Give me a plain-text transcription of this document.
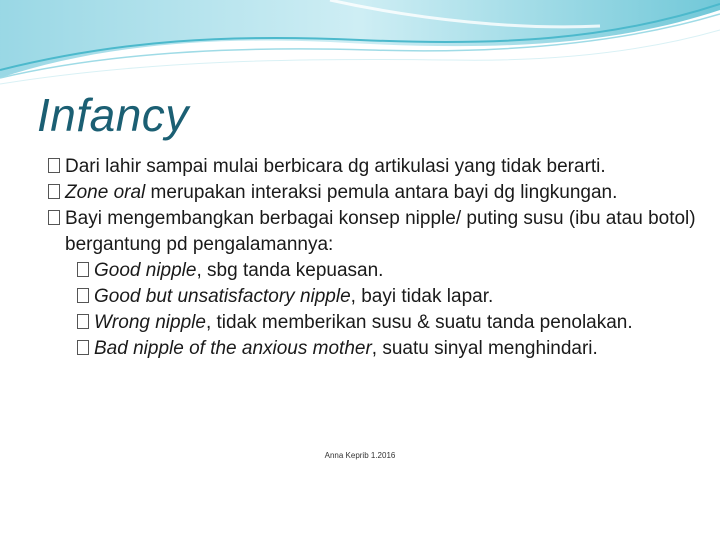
Infancy

Dari lahir sampai mulai berbicara dg artikulasi yang tidak berarti.

Zone oral merupakan interaksi pemula antara bayi dg lingkungan.

Bayi mengembangkan berbagai konsep nipple/ puting susu (ibu atau botol) bergantung pd pengalamannya:

Good nipple, sbg tanda kepuasan.

Good but unsatisfactory nipple, bayi tidak lapar.

Wrong nipple, tidak memberikan susu & suatu tanda penolakan.

Bad nipple of the anxious mother, suatu sinyal menghindari.

Anna Keprib 1.2016
